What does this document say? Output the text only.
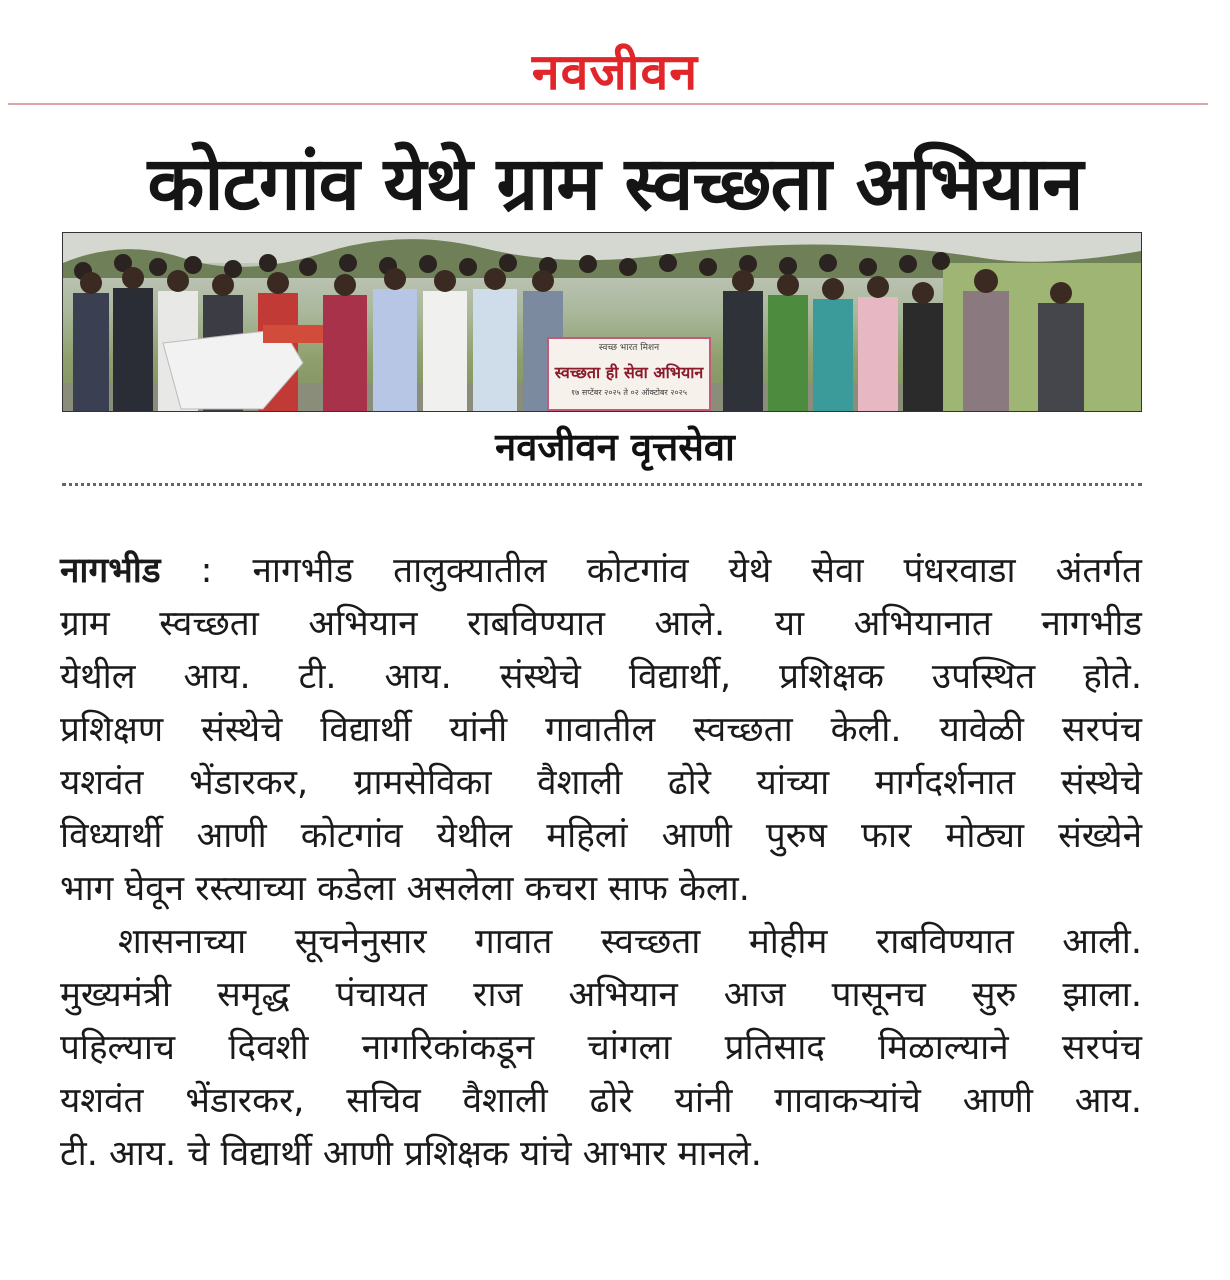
नवजीवन
कोटगांव येथे ग्राम स्वच्छता अभियान
स्वच्छ भारत मिशन
स्वच्छता ही सेवा अभियान
१७ सप्टेंबर २०२५ ते ०२ ऑक्टोबर २०२५
नवजीवन वृत्तसेवा
नागभीड : नागभीड तालुक्यातील कोटगांव येथे सेवा पंधरवाडा अंतर्गत
ग्राम स्वच्छता अभियान राबविण्यात आले. या अभियानात नागभीड
येथील आय. टी. आय. संस्थेचे विद्यार्थी, प्रशिक्षक उपस्थित होते.
प्रशिक्षण संस्थेचे विद्यार्थी यांनी गावातील स्वच्छता केली. यावेळी सरपंच
यशवंत भेंडारकर, ग्रामसेविका वैशाली ढोरे यांच्या मार्गदर्शनात संस्थेचे
विध्यार्थी आणी कोटगांव येथील महिलां आणी पुरुष फार मोठ्या संख्येने
भाग घेवून रस्त्याच्या कडेला असलेला कचरा साफ केला.
शासनाच्या सूचनेनुसार गावात स्वच्छता मोहीम राबविण्यात आली.
मुख्यमंत्री समृद्ध पंचायत राज अभियान आज पासूनच सुरु झाला.
पहिल्याच दिवशी नागरिकांकडून चांगला प्रतिसाद मिळाल्याने सरपंच
यशवंत भेंडारकर, सचिव वैशाली ढोरे यांनी गावाकऱ्यांचे आणी आय.
टी. आय. चे विद्यार्थी आणी प्रशिक्षक यांचे आभार मानले.
